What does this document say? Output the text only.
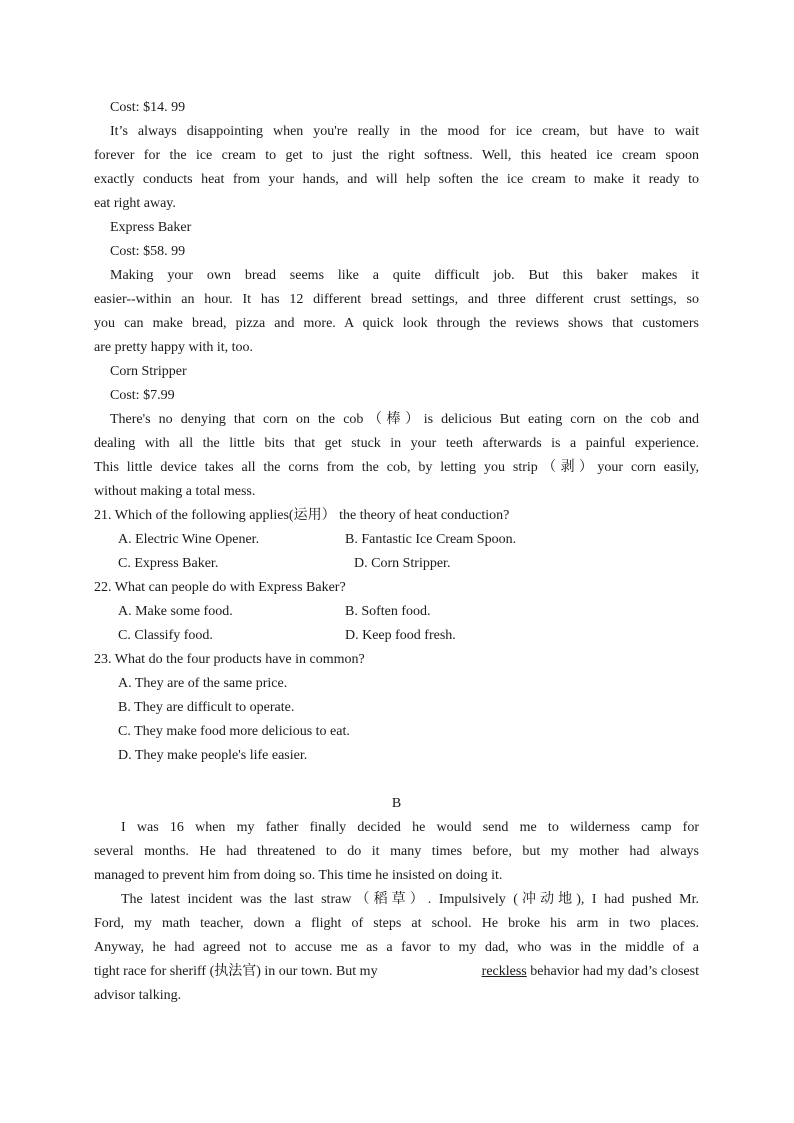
Cost: $14. 99
It’s always disappointing when you're really in the mood for ice cream, but have to wait
forever for the ice cream to get to just the right softness. Well, this heated ice cream spoon
exactly conducts heat from your hands, and will help soften the ice cream to make it ready to
eat right away.
Express Baker
Cost: $58. 99
Making your own bread seems like a quite difficult job. But this baker makes it
easier--within an hour. It has 12 different bread settings, and three different crust settings, so
you can make bread, pizza and more. A quick look through the reviews shows that customers
are pretty happy with it, too.
Corn Stripper
Cost: $7.99
There's no denying that corn on the cob（棒）is delicious But eating corn on the cob and
dealing with all the little bits that get stuck in your teeth afterwards is a painful experience.
This little device takes all the corns from the cob, by letting you strip（剥）your corn easily,
without making a total mess.
21. Which of the following applies(运用） the theory of heat conduction?
A. Electric Wine Opener.	B. Fantastic Ice Cream Spoon.
C. Express Baker.	D. Corn Stripper.
22. What can people do with Express Baker?
A. Make some food.	B. Soften food.
C. Classify food.	D. Keep food fresh.
23. What do the four products have in common?
A. They are of the same price.
B. They are difficult to operate.
C. They make food more delicious to eat.
D. They make people's life easier.
B
I was 16 when my father finally decided he would send me to wilderness camp for
several months. He had threatened to do it many times before, but my mother had always
managed to prevent him from doing so. This time he insisted on doing it.
The latest incident was the last straw（稻草）. Impulsively (冲动地), I had pushed Mr.
Ford, my math teacher, down a flight of steps at school. He broke his arm in two places.
Anyway, he had agreed not to accuse me as a favor to my dad, who was in the middle of a
tight race for sheriff (执法官) in our town. But my	reckless behavior had my dad’s closest
advisor talking.
